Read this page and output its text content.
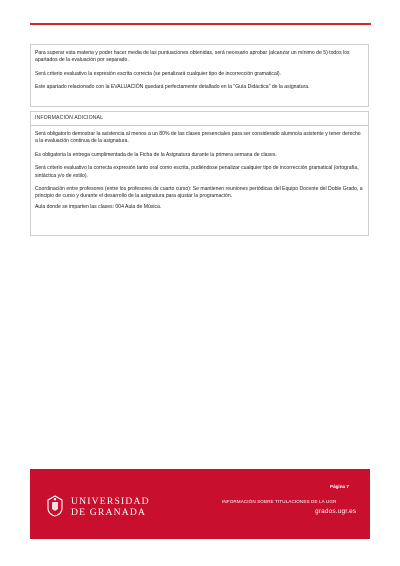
Para superar esta materia y poder hacer media de las puntuaciones obtenidas, será necesario aprobar (alcanzar un mínimo de 5) todos los apartados de la evaluación por separado.

Será criterio evaluativo la expresión escrita correcta (se penalizará cualquier tipo de incorrección gramatical).

Este apartado relacionado con la EVALUACIÓN quedará perfectamente detallado en la "Guía Didáctica" de la asignatura.

INFORMACIÓN ADICIONAL

Será obligatorio demostrar la asistencia al menos a un 80% de las clases presenciales para ser considerado alumno/a asistente y tener derecho a la evaluación continua de la asignatura.

Es obligatoria la entrega cumplimentada de la Ficha de la Asignatura durante la primera semana de clases.

Será criterio evaluativo la correcta expresión tanto oral como escrita, pudiéndose penalizar cualquier tipo de incorrección gramatical (ortografía, sintáctica y/o de estilo).

Coordinación entre profesores (entre los profesores de cuarto curso): Se mantienen reuniones periódicas del Equipo Docente del Doble Grado, a principio de curso y durante el desarrollo de la asignatura para ajustar la programación.

Aula donde se imparten las clases: 004 Aula de Música.

UNIVERSIDAD
DE GRANADA
Página 7
INFORMACIÓN SOBRE TITULACIONES DE LA UGR
grados.ugr.es
